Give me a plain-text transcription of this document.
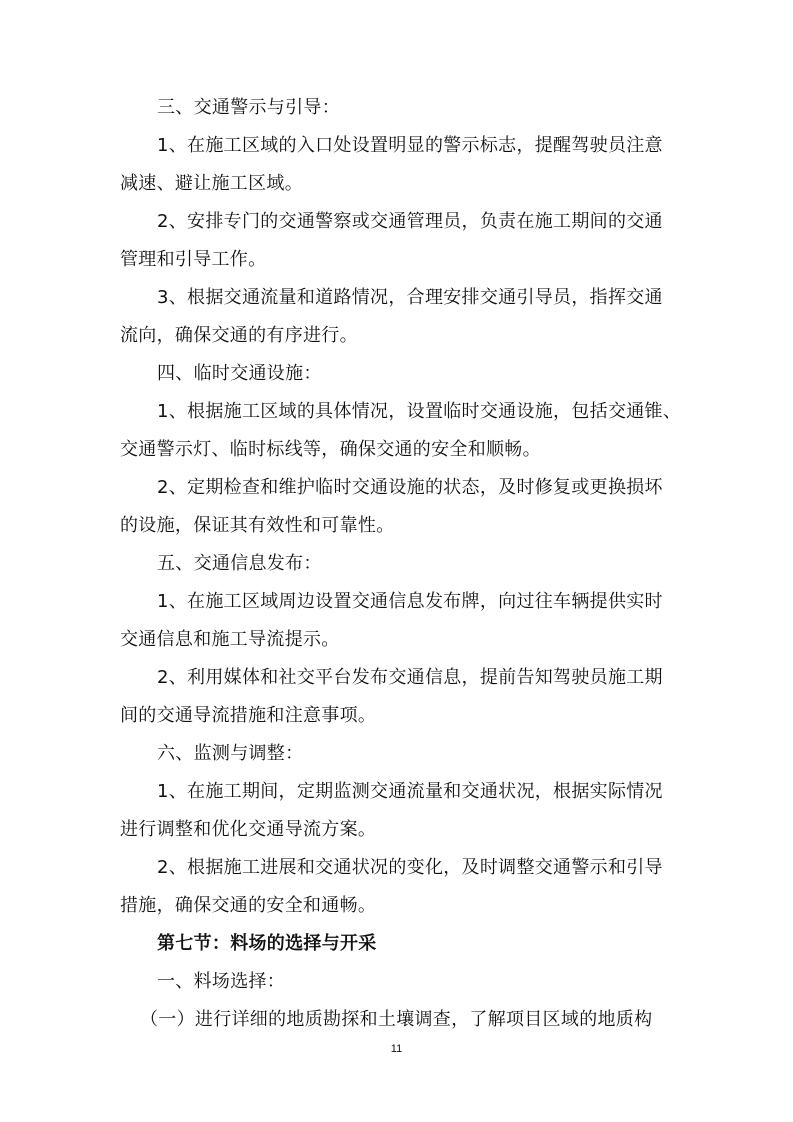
三、交通警示与引导：
1、在施工区域的入口处设置明显的警示标志，提醒驾驶员注意
减速、避让施工区域。
2、安排专门的交通警察或交通管理员，负责在施工期间的交通
管理和引导工作。
3、根据交通流量和道路情况，合理安排交通引导员，指挥交通
流向，确保交通的有序进行。
四、临时交通设施：
1、根据施工区域的具体情况，设置临时交通设施，包括交通锥、
交通警示灯、临时标线等，确保交通的安全和顺畅。
2、定期检查和维护临时交通设施的状态，及时修复或更换损坏
的设施，保证其有效性和可靠性。
五、交通信息发布：
1、在施工区域周边设置交通信息发布牌，向过往车辆提供实时
交通信息和施工导流提示。
2、利用媒体和社交平台发布交通信息，提前告知驾驶员施工期
间的交通导流措施和注意事项。
六、监测与调整：
1、在施工期间，定期监测交通流量和交通状况，根据实际情况
进行调整和优化交通导流方案。
2、根据施工进展和交通状况的变化，及时调整交通警示和引导
措施，确保交通的安全和通畅。
第七节：料场的选择与开采
一、料场选择：
（一）进行详细的地质勘探和土壤调查，了解项目区域的地质构
11
